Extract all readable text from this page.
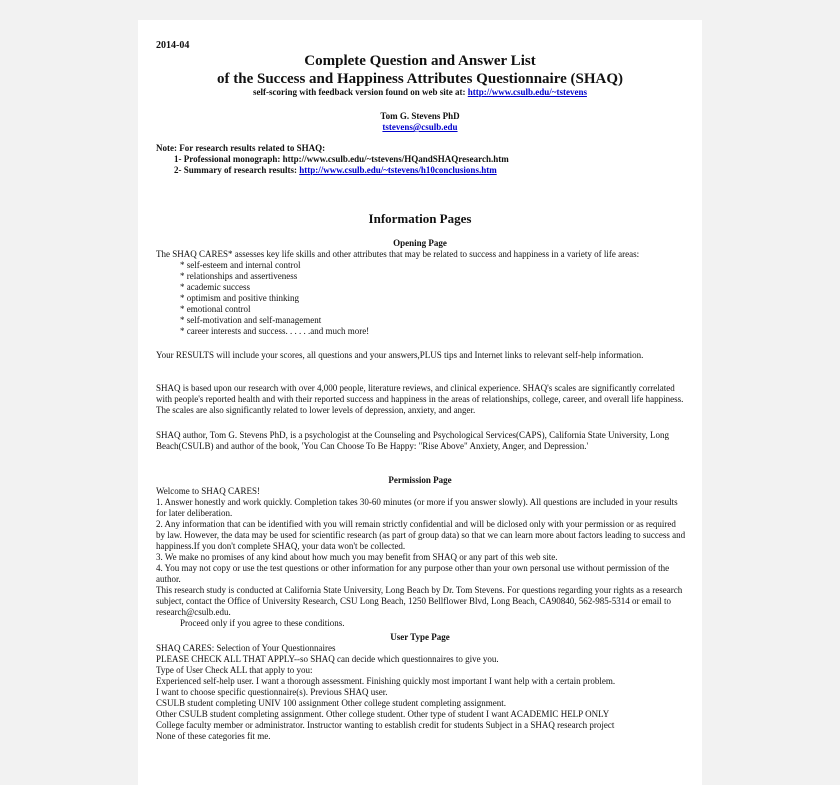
2014-04
Complete Question and Answer List
of the Success and Happiness Attributes Questionnaire (SHAQ)
self-scoring with feedback version found on web site at: http://www.csulb.edu/~tstevens
Tom G. Stevens PhD
tstevens@csulb.edu
Note: For research results related to SHAQ:
1- Professional monograph: http://www.csulb.edu/~tstevens/HQandSHAQresearch.htm
2- Summary of research results: http://www.csulb.edu/~tstevens/h10conclusions.htm
Information Pages
Opening Page

The SHAQ CARES* assesses key life skills and other attributes that may be related to success and happiness in a variety of life areas:

* self-esteem and internal control

* relationships and assertiveness

* academic success

* optimism and positive thinking

* emotional control

* self-motivation and self-management

* career interests and success. . . . . .and much more!

Your RESULTS will include your scores, all questions and your answers,PLUS tips and Internet links to relevant self-help information.
SHAQ is based upon our research with over 4,000 people, literature reviews, and clinical experience. SHAQ's scales are significantly correlated with people's reported health and with their reported success and happiness in the areas of relationships, college, career, and overall life happiness. The scales are also significantly related to lower levels of depression, anxiety, and anger.
SHAQ author, Tom G. Stevens PhD, is a psychologist at the Counseling and Psychological Services(CAPS), California State University, Long Beach(CSULB) and author of the book, 'You Can Choose To Be Happy: "Rise Above" Anxiety, Anger, and Depression.'
Permission Page

Welcome to SHAQ CARES!

1. Answer honestly and work quickly. Completion takes 30-60 minutes (or more if you answer slowly). All questions are included in your results for later deliberation.

2. Any information that can be identified with you will remain strictly confidential and will be diclosed only with your permission or as required by law. However, the data may be used for scientific research (as part of group data) so that we can learn more about factors leading to success and happiness.If you don't complete SHAQ, your data won't be collected.

3. We make no promises of any kind about how much you may benefit from SHAQ or any part of this web site.

4. You may not copy or use the test questions or other information for any purpose other than your own personal use without permission of the author.

This research study is conducted at California State University, Long Beach by Dr. Tom Stevens. For questions regarding your rights as a research subject, contact the Office of University Research, CSU Long Beach, 1250 Bellflower Blvd, Long Beach, CA90840, 562-985-5314 or email to research@csulb.edu.

Proceed only if you agree to these conditions.

User Type Page

SHAQ CARES: Selection of Your Questionnaires

PLEASE CHECK ALL THAT APPLY--so SHAQ can decide which questionnaires to give you.

Type of User Check ALL that apply to you:

Experienced self-help user. I want a thorough assessment. Finishing quickly most important I want help with a certain problem.

I want to choose specific questionnaire(s). Previous SHAQ user.

CSULB student completing UNIV 100 assignment Other college student completing assignment.

Other CSULB student completing assignment. Other college student. Other type of student I want ACADEMIC HELP ONLY

College faculty member or administrator. Instructor wanting to establish credit for students Subject in a SHAQ research project

None of these categories fit me.
